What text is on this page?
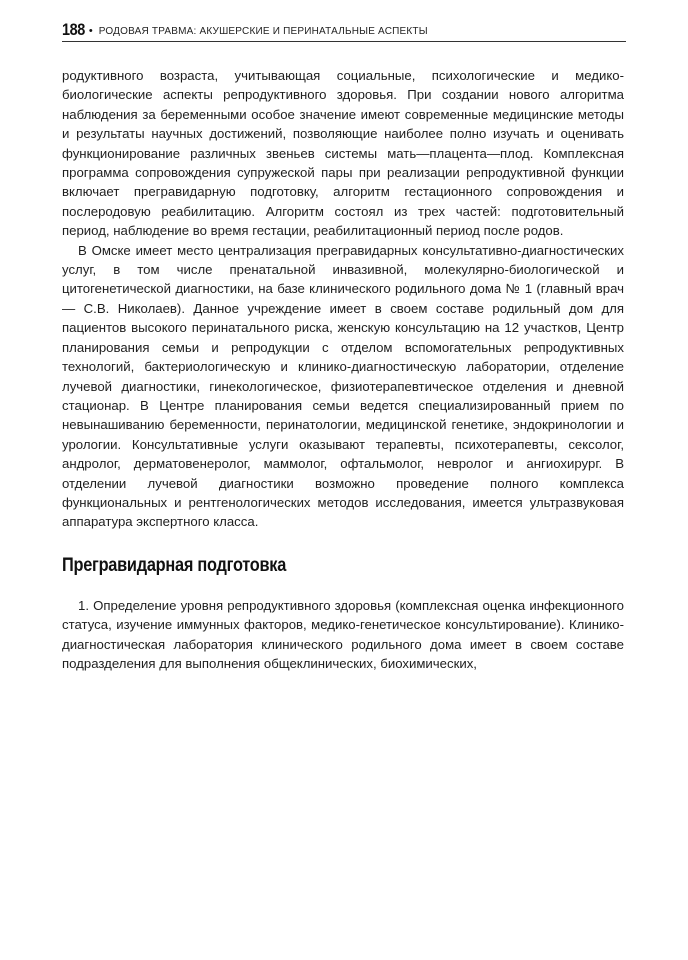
188 • РОДОВАЯ ТРАВМА: АКУШЕРСКИЕ И ПЕРИНАТАЛЬНЫЕ АСПЕКТЫ

родуктивного возраста, учитывающая социальные, психологические и медико-биологические аспекты репродуктивного здоровья. При создании нового алгоритма наблюдения за беременными особое значение имеют современные медицинские методы и результаты научных достижений, позволяющие наиболее полно изучать и оценивать функционирование различных звеньев системы мать—плацента—плод. Комплексная программа сопровождения супружеской пары при реализации репродуктивной функции включает прегравидарную подготовку, алгоритм гестационного сопровождения и послеродовую реабилитацию. Алгоритм состоял из трех частей: подготовительный период, наблюдение во время гестации, реабилитационный период после родов.

В Омске имеет место централизация прегравидарных консультативно-диагностических услуг, в том числе пренатальной инвазивной, молекулярно-биологической и цитогенетической диагностики, на базе клинического родильного дома № 1 (главный врач — С.В. Николаев). Данное учреждение имеет в своем составе родильный дом для пациентов высокого перинатального риска, женскую консультацию на 12 участков, Центр планирования семьи и репродукции с отделом вспомогательных репродуктивных технологий, бактериологическую и клинико-диагностическую лаборатории, отделение лучевой диагностики, гинекологическое, физиотерапевтическое отделения и дневной стационар. В Центре планирования семьи ведется специализированный прием по невынашиванию беременности, перинатологии, медицинской генетике, эндокринологии и урологии. Консультативные услуги оказывают терапевты, психотерапевты, сексолог, андролог, дерматовенеролог, маммолог, офтальмолог, невролог и ангиохирург. В отделении лучевой диагностики возможно проведение полного комплекса функциональных и рентгенологических методов исследования, имеется ультразвуковая аппаратура экспертного класса.

Прегравидарная подготовка

1. Определение уровня репродуктивного здоровья (комплексная оценка инфекционного статуса, изучение иммунных факторов, медико-генетическое консультирование). Клинико-диагностическая лаборатория клинического родильного дома имеет в своем составе подразделения для выполнения общеклинических, биохимических,
